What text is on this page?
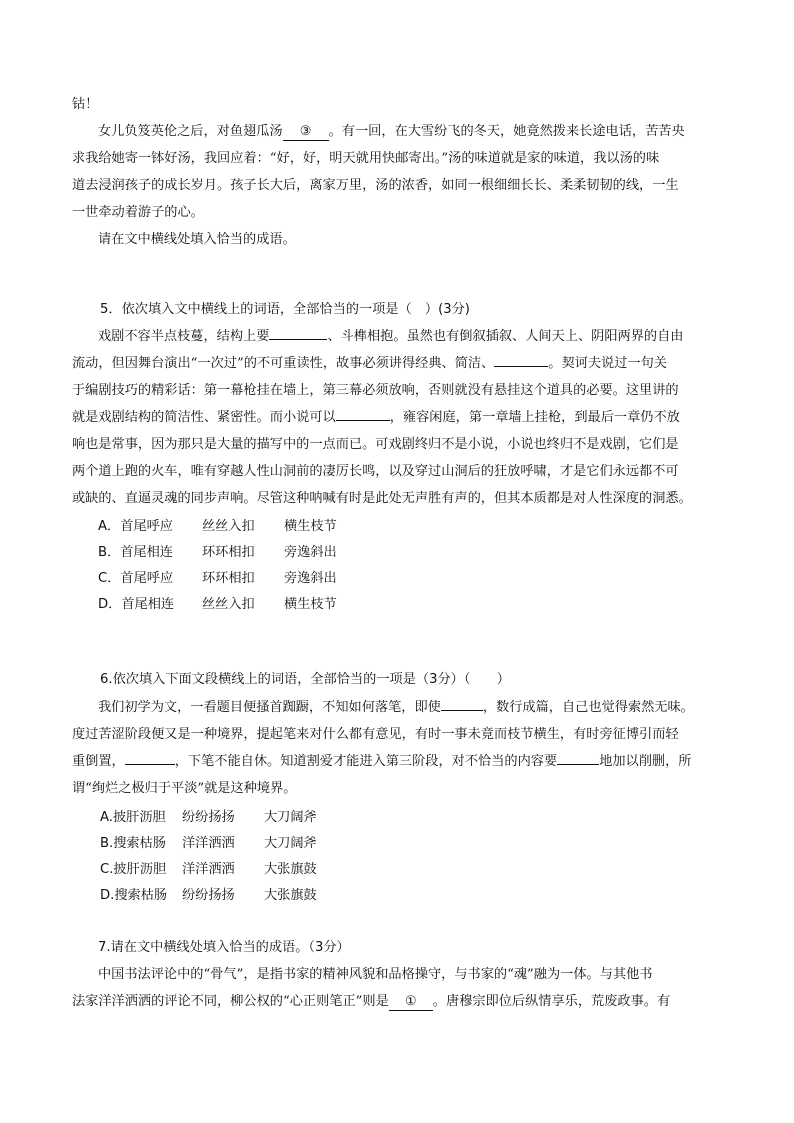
钴！
女儿负笈英伦之后，对鱼翅瓜汤 ③ 。有一回，在大雪纷飞的冬天，她竟然拨来长途电话，苦苦央
求我给她寄一钵好汤，我回应着：“好，好，明天就用快邮寄出。”汤的味道就是家的味道，我以汤的味
道去浸润孩子的成长岁月。孩子长大后，离家万里，汤的浓香，如同一根细细长长、柔柔韧韧的线，一生
一世牵动着游子的心。
请在文中横线处填入恰当的成语。
5．依次填入文中横线上的词语，全部恰当的一项是（　）(3分)
戏剧不容半点枝蔓，结构上要	、斗榫相抱。虽然也有倒叙插叙、人间天上、阴阳两界的自由
流动，但因舞台演出“一次过”的不可重读性，故事必须讲得经典、简洁、	。契诃夫说过一句关
于编剧技巧的精彩话：第一幕枪挂在墙上，第三幕必须放响，否则就没有悬挂这个道具的必要。这里讲的
就是戏剧结构的简洁性、紧密性。而小说可以	，雍容闲庭，第一章墙上挂枪，到最后一章仍不放
响也是常事，因为那只是大量的描写中的一点而已。可戏剧终归不是小说，小说也终归不是戏剧，它们是
两个道上跑的火车，唯有穿越人性山洞前的凄厉长鸣，以及穿过山洞后的狂放呼啸，才是它们永远都不可
或缺的、直逼灵魂的同步声响。尽管这种呐喊有时是此处无声胜有声的，但其本质都是对人性深度的洞悉。
A．首尾呼应 丝丝入扣 横生枝节
B．首尾相连 环环相扣 旁逸斜出
C．首尾呼应 环环相扣 旁逸斜出
D．首尾相连 丝丝入扣 横生枝节
6.依次填入下面文段横线上的词语，全部恰当的一项是（3分）（　　）
我们初学为文，一看题目便搔首踟蹰，不知如何落笔，即使	，数行成篇，自己也觉得索然无味。
度过苦涩阶段便又是一种境界，提起笔来对什么都有意见，有时一事未竟而枝节横生，有时旁征博引而轻
重倒置，	，下笔不能自休。知道割爱才能进入第三阶段，对不恰当的内容要	地加以削删，所
谓“绚烂之极归于平淡”就是这种境界。
A.披肝沥胆 纷纷扬扬 大刀阔斧
B.搜索枯肠 洋洋洒洒 大刀阔斧
C.披肝沥胆 洋洋洒洒 大张旗鼓
D.搜索枯肠 纷纷扬扬 大张旗鼓
7.请在文中横线处填入恰当的成语。（3分）
中国书法评论中的“骨气”，是指书家的精神风貌和品格操守，与书家的“魂”融为一体。与其他书
法家洋洋洒洒的评论不同，柳公权的“心正则笔正”则是 ① 。唐穆宗即位后纵情享乐，荒废政事。有
